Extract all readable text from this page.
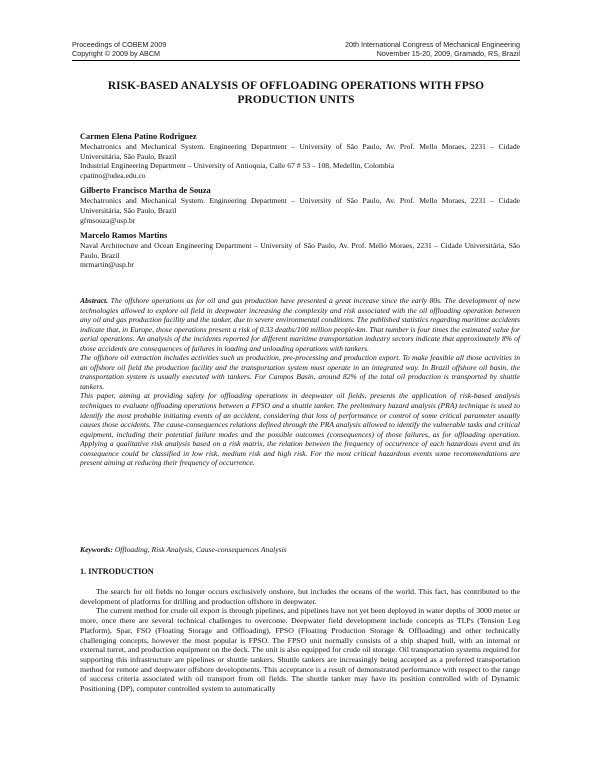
Proceedings of COBEM 2009
Copyright © 2009 by ABCM
20th International Congress of Mechanical Engineering
November 15-20, 2009, Gramado, RS, Brazil
RISK-BASED ANALYSIS OF OFFLOADING OPERATIONS WITH FPSO PRODUCTION UNITS
Carmen Elena Patino Rodriguez
Mechatronics and Mechanical System. Engineering Department – University of São Paulo, Av. Prof. Mello Moraes, 2231 – Cidade Universitária, São Paulo, Brazil
Industrial Engineering Department – University of Antioquia, Calle 67 # 53 – 108, Medellín, Colombia
cpatino@udea.edu.co
Gilberto Francisco Martha de Souza
Mechatronics and Mechanical System. Engineering Department – University of São Paulo, Av. Prof. Mello Moraes, 2231 – Cidade Universitária, São Paulo, Brazil
gfmsouza@usp.br
Marcelo Ramos Martins
Naval Architecture and Ocean Engineering Department – University of São Paulo, Av. Prof. Mello Moraes, 2231 – Cidade Universitária, São Paulo, Brazil
mrmartin@usp.br

Abstract. The offshore operations as for oil and gas production have presented a great increase since the early 80s. The development of new technologies allowed to explore oil field in deepwater increasing the complexity and risk associated with the oil offloading operation between any oil and gas production facility and the tanker, due to severe environmental conditions. The published statistics regarding maritime accidents indicate that, in Europe, those operations present a risk of 0.33 deaths/100 million people-km. That number is four times the estimated value for aerial operations. An analysis of the incidents reported for different maritime transportation industry sectors indicate that approximately 8% of those accidents are consequences of failures in loading and unloading operations with tankers.

The offshore oil extraction includes activities such as production, pre-processing and production export. To make feasible all those activities in an offshore oil field the production facility and the transportation system must operate in an integrated way. In Brazil offshore oil basin, the transportation system is usually executed with tankers. For Campos Basin, around 82% of the total oil production is transported by shuttle tankers.

This paper, aiming at providing safety for offloading operations in deepwater oil fields, presents the application of risk-based analysis techniques to evaluate offloading operations between a FPSO and a shuttle tanker. The preliminary hazard analysis (PRA) technique is used to identify the most probable initiating events of an accident, considering that loss of performance or control of some critical parameter usually causes those accidents. The cause-consequences relations defined through the PRA analysis allowed to identify the vulnerable tasks and critical equipment, including their potential failure modes and the possible outcomes (consequences) of those failures, as for offloading operation. Applying a qualitative risk analysis based on a risk matrix, the relation between the frequency of occurrence of each hazardous event and its consequence could be classified in low risk, medium risk and high risk. For the most critical hazardous events some recommendations are present aiming at reducing their frequency of occurrence.

Keywords: Offloading, Risk Analysis, Cause-consequences Analysis
1. INTRODUCTION

The search for oil fields no longer occurs exclusively onshore, but includes the oceans of the world. This fact, has contributed to the development of platforms for drilling and production offshore in deepwater.

The current method for crude oil export is through pipelines, and pipelines have not yet been deployed in water depths of 3000 meter or more, once there are several technical challenges to overcome. Deepwater field development include concepts as TLPs (Tension Leg Platform), Spar, FSO (Floating Storage and Offloading), FPSO (Floating Production Storage & Offloading) and other technically challenging concepts, however the most popular is FPSO. The FPSO unit normally consists of a ship shaped hull, with an internal or external turret, and production equipment on the deck. The unit is also equipped for crude oil storage. Oil transportation systems required for supporting this infrastructure are pipelines or shuttle tankers. Shuttle tankers are increasingly being accepted as a preferred transportation method for remote and deepwater offshore developments. This acceptance is a result of demonstrated performance with respect to the range of success criteria associated with oil transport from oil fields. The shuttle tanker may have its position controlled with of Dynamic Positioning (DP), computer controlled system to automatically
